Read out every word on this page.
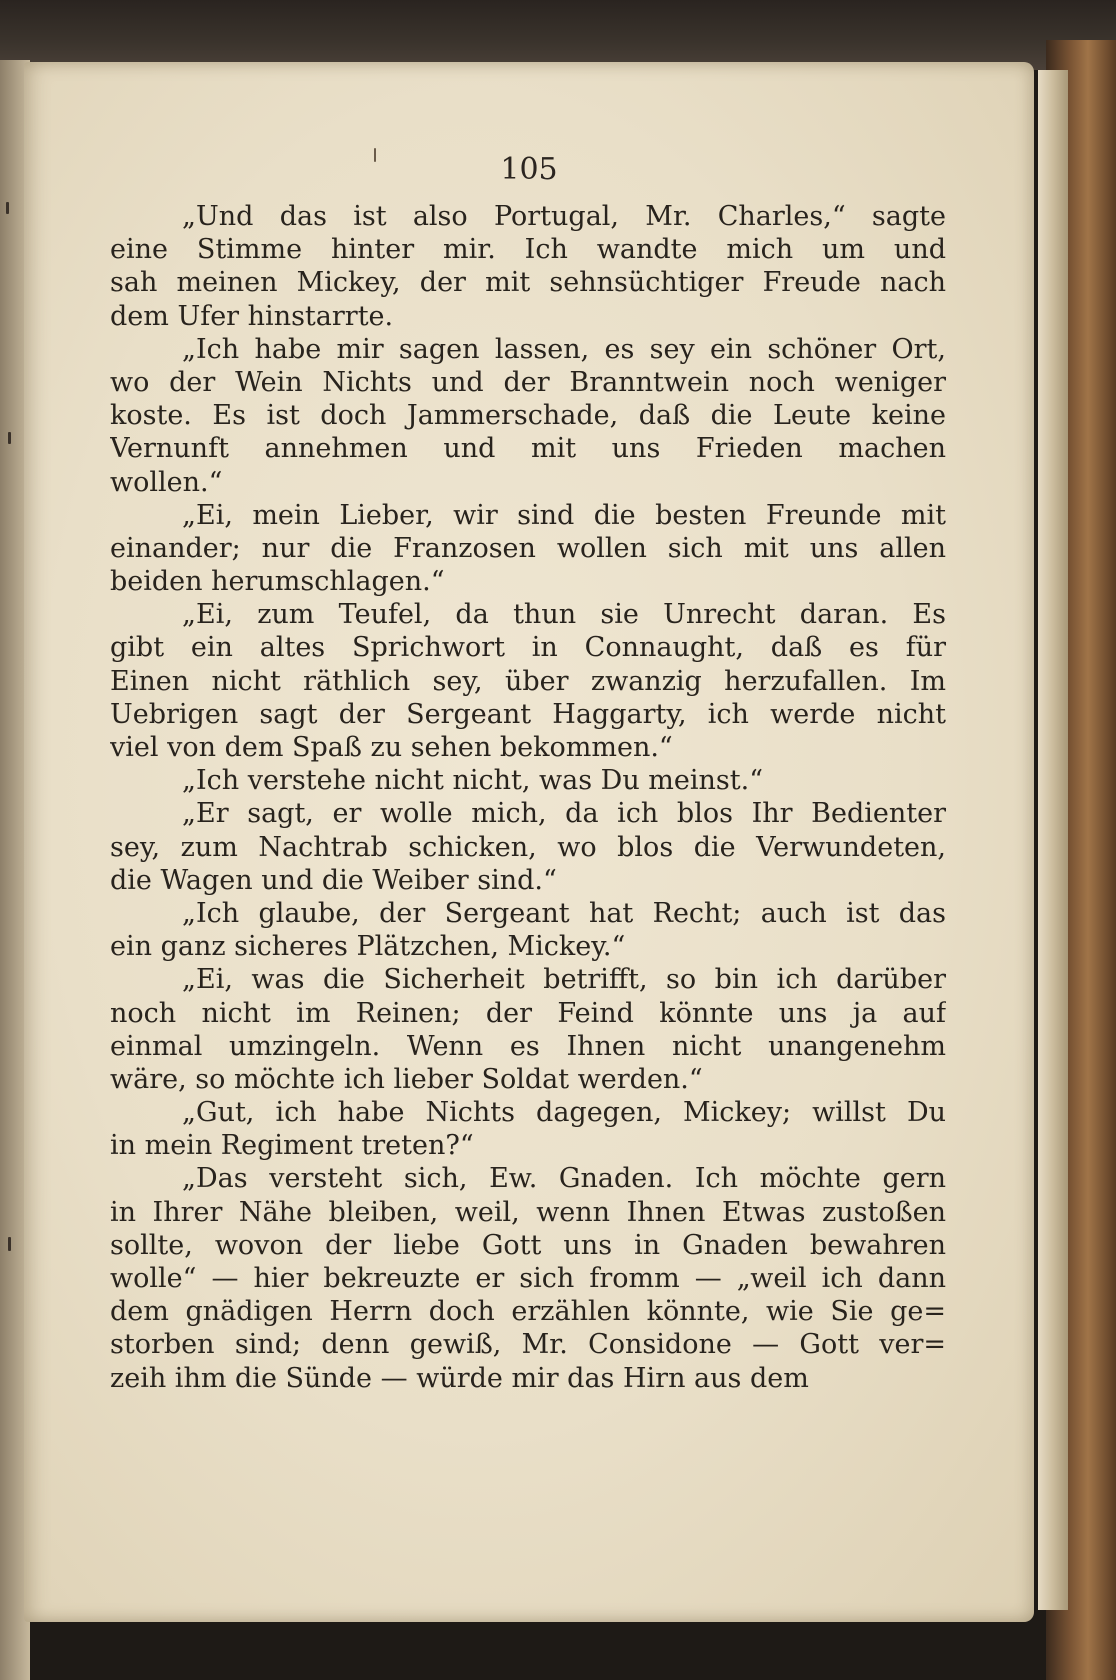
105
„Und das ist also Portugal, Mr. Charles,“ sagte
eine Stimme hinter mir. Ich wandte mich um und
sah meinen Mickey, der mit sehnsüchtiger Freude nach
dem Ufer hinstarrte.
„Ich habe mir sagen lassen, es sey ein schöner Ort,
wo der Wein Nichts und der Branntwein noch weniger
koste. Es ist doch Jammerschade, daß die Leute keine
Vernunft annehmen und mit uns Frieden machen
wollen.“
„Ei, mein Lieber, wir sind die besten Freunde mit
einander; nur die Franzosen wollen sich mit uns allen
beiden herumschlagen.“
„Ei, zum Teufel, da thun sie Unrecht daran. Es
gibt ein altes Sprichwort in Connaught, daß es für
Einen nicht räthlich sey, über zwanzig herzufallen. Im
Uebrigen sagt der Sergeant Haggarty, ich werde nicht
viel von dem Spaß zu sehen bekommen.“
„Ich verstehe nicht nicht, was Du meinst.“
„Er sagt, er wolle mich, da ich blos Ihr Bedienter
sey, zum Nachtrab schicken, wo blos die Verwundeten,
die Wagen und die Weiber sind.“
„Ich glaube, der Sergeant hat Recht; auch ist das
ein ganz sicheres Plätzchen, Mickey.“
„Ei, was die Sicherheit betrifft, so bin ich darüber
noch nicht im Reinen; der Feind könnte uns ja auf
einmal umzingeln. Wenn es Ihnen nicht unangenehm
wäre, so möchte ich lieber Soldat werden.“
„Gut, ich habe Nichts dagegen, Mickey; willst Du
in mein Regiment treten?“
„Das versteht sich, Ew. Gnaden. Ich möchte gern
in Ihrer Nähe bleiben, weil, wenn Ihnen Etwas zustoßen
sollte, wovon der liebe Gott uns in Gnaden bewahren
wolle“ — hier bekreuzte er sich fromm — „weil ich dann
dem gnädigen Herrn doch erzählen könnte, wie Sie ge=
storben sind; denn gewiß, Mr. Considone — Gott ver=
zeih ihm die Sünde — würde mir das Hirn aus dem
